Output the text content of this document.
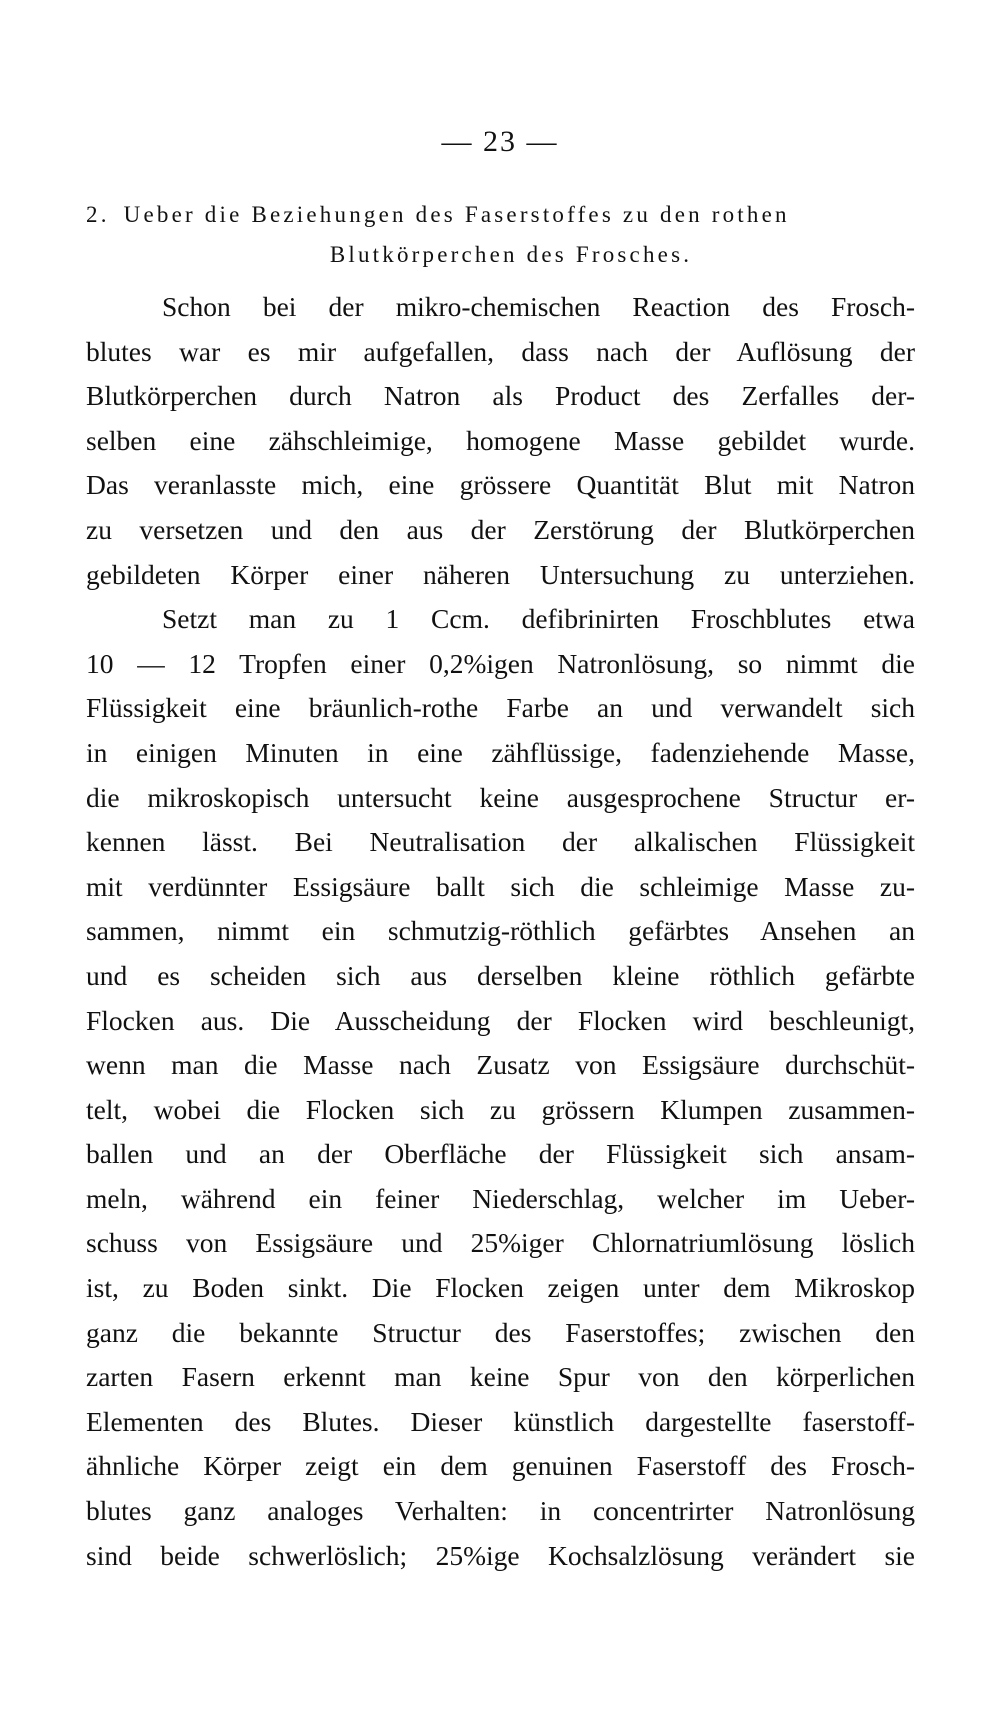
— 23 —
2. Ueber die Beziehungen des Faserstoffes zu den rothen
Blutkörperchen des Frosches.
Schon bei der mikro-chemischen Reaction des Frosch-
blutes war es mir aufgefallen, dass nach der Auflösung der
Blutkörperchen durch Natron als Product des Zerfalles der-
selben eine zähschleimige, homogene Masse gebildet wurde.
Das veranlasste mich, eine grössere Quantität Blut mit Natron
zu versetzen und den aus der Zerstörung der Blutkörperchen
gebildeten Körper einer näheren Untersuchung zu unterziehen.
Setzt man zu 1 Ccm. defibrinirten Froschblutes etwa
10 — 12 Tropfen einer 0,2%igen Natronlösung, so nimmt die
Flüssigkeit eine bräunlich-rothe Farbe an und verwandelt sich
in einigen Minuten in eine zähflüssige, fadenziehende Masse,
die mikroskopisch untersucht keine ausgesprochene Structur er-
kennen lässt. Bei Neutralisation der alkalischen Flüssigkeit
mit verdünnter Essigsäure ballt sich die schleimige Masse zu-
sammen, nimmt ein schmutzig-röthlich gefärbtes Ansehen an
und es scheiden sich aus derselben kleine röthlich gefärbte
Flocken aus. Die Ausscheidung der Flocken wird beschleunigt,
wenn man die Masse nach Zusatz von Essigsäure durchschüt-
telt, wobei die Flocken sich zu grössern Klumpen zusammen-
ballen und an der Oberfläche der Flüssigkeit sich ansam-
meln, während ein feiner Niederschlag, welcher im Ueber-
schuss von Essigsäure und 25%iger Chlornatriumlösung löslich
ist, zu Boden sinkt. Die Flocken zeigen unter dem Mikroskop
ganz die bekannte Structur des Faserstoffes; zwischen den
zarten Fasern erkennt man keine Spur von den körperlichen
Elementen des Blutes. Dieser künstlich dargestellte faserstoff-
ähnliche Körper zeigt ein dem genuinen Faserstoff des Frosch-
blutes ganz analoges Verhalten: in concentrirter Natronlösung
sind beide schwerlöslich; 25%ige Kochsalzlösung verändert sie
